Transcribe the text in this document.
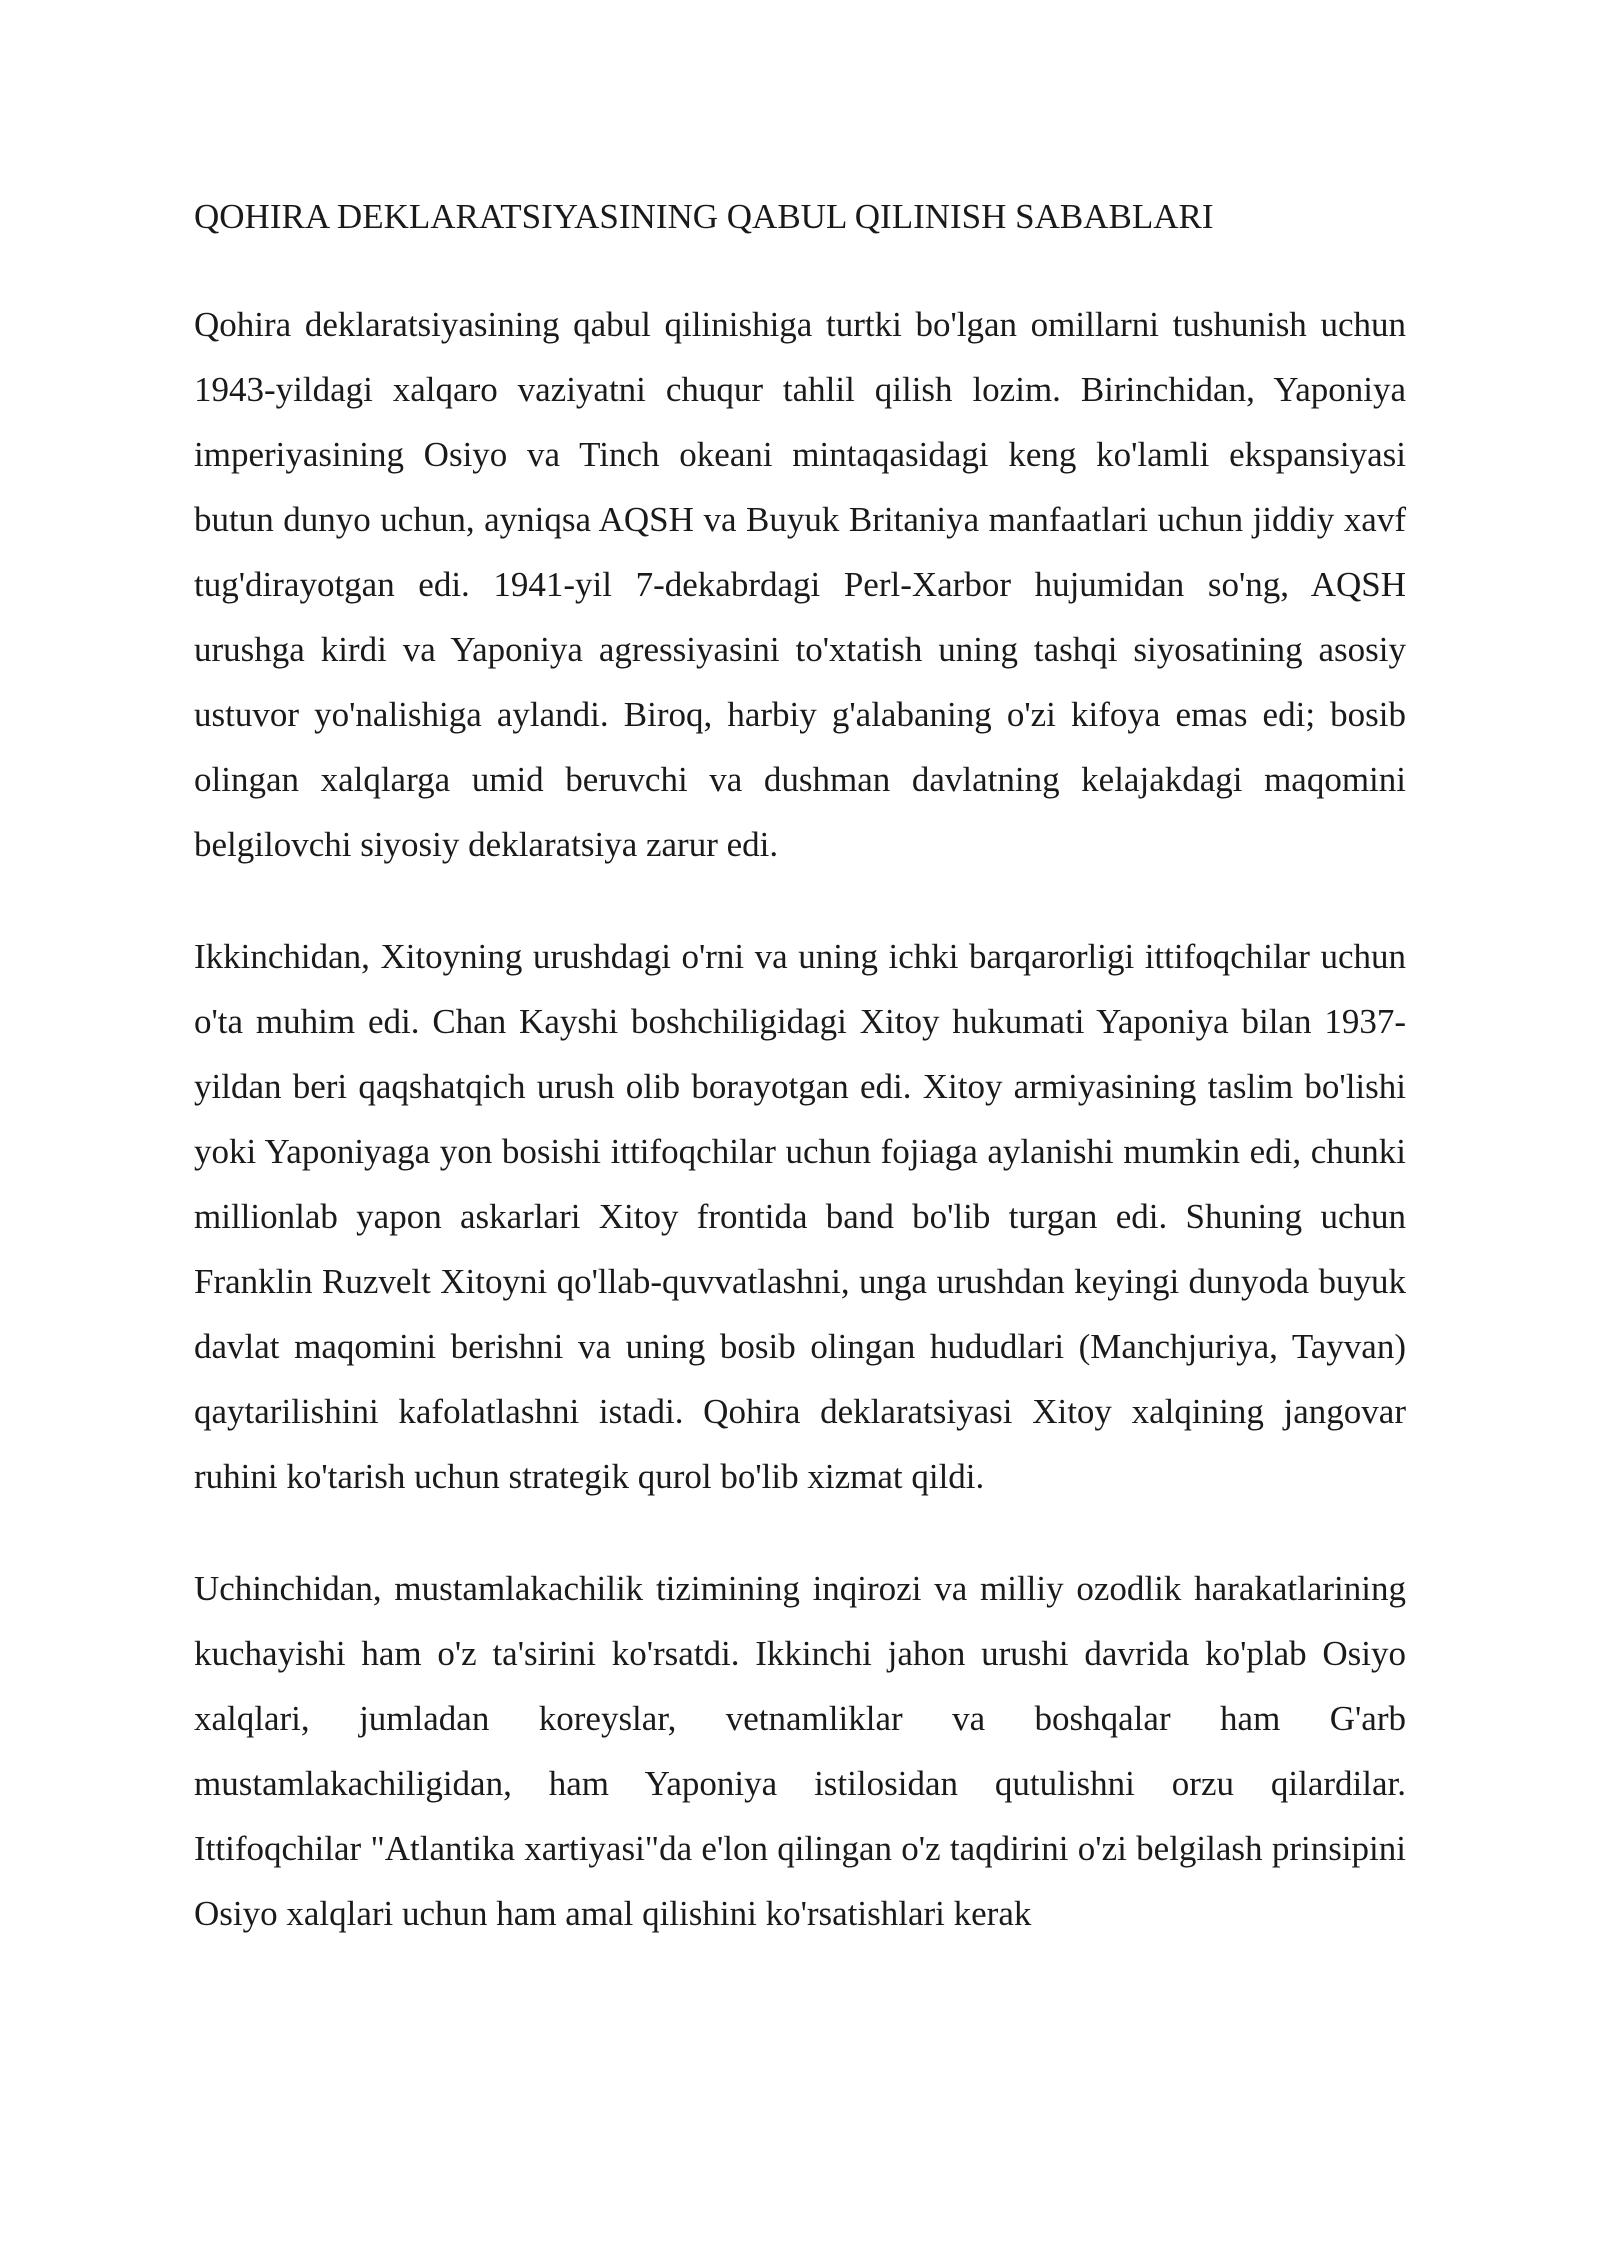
QOHIRA DEKLARATSIYASINING QABUL QILINISH SABABLARI

Qohira deklaratsiyasining qabul qilinishiga turtki bo'lgan omillarni tushunish uchun 1943-yildagi xalqaro vaziyatni chuqur tahlil qilish lozim. Birinchidan, Yaponiya imperiyasining Osiyo va Tinch okeani mintaqasidagi keng ko'lamli ekspansiyasi butun dunyo uchun, ayniqsa AQSH va Buyuk Britaniya manfaatlari uchun jiddiy xavf tug'dirayotgan edi. 1941-yil 7-dekabrdagi Perl-Xarbor hujumidan so'ng, AQSH urushga kirdi va Yaponiya agressiyasini to'xtatish uning tashqi siyosatining asosiy ustuvor yo'nalishiga aylandi. Biroq, harbiy g'alabaning o'zi kifoya emas edi; bosib olingan xalqlarga umid beruvchi va dushman davlatning kelajakdagi maqomini belgilovchi siyosiy deklaratsiya zarur edi.

Ikkinchidan, Xitoyning urushdagi o'rni va uning ichki barqarorligi ittifoqchilar uchun o'ta muhim edi. Chan Kayshi boshchiligidagi Xitoy hukumati Yaponiya bilan 1937-yildan beri qaqshatqich urush olib borayotgan edi. Xitoy armiyasining taslim bo'lishi yoki Yaponiyaga yon bosishi ittifoqchilar uchun fojiaga aylanishi mumkin edi, chunki millionlab yapon askarlari Xitoy frontida band bo'lib turgan edi. Shuning uchun Franklin Ruzvelt Xitoyni qo'llab-quvvatlashni, unga urushdan keyingi dunyoda buyuk davlat maqomini berishni va uning bosib olingan hududlari (Manchjuriya, Tayvan) qaytarilishini kafolatlashni istadi. Qohira deklaratsiyasi Xitoy xalqining jangovar ruhini ko'tarish uchun strategik qurol bo'lib xizmat qildi.

Uchinchidan, mustamlakachilik tizimining inqirozi va milliy ozodlik harakatlarining kuchayishi ham o'z ta'sirini ko'rsatdi. Ikkinchi jahon urushi davrida ko'plab Osiyo xalqlari, jumladan koreyslar, vetnamliklar va boshqalar ham G'arb mustamlakachiligidan, ham Yaponiya istilosidan qutulishni orzu qilardilar. Ittifoqchilar "Atlantika xartiyasi"da e'lon qilingan o'z taqdirini o'zi belgilash prinsipini Osiyo xalqlari uchun ham amal qilishini ko'rsatishlari kerak
